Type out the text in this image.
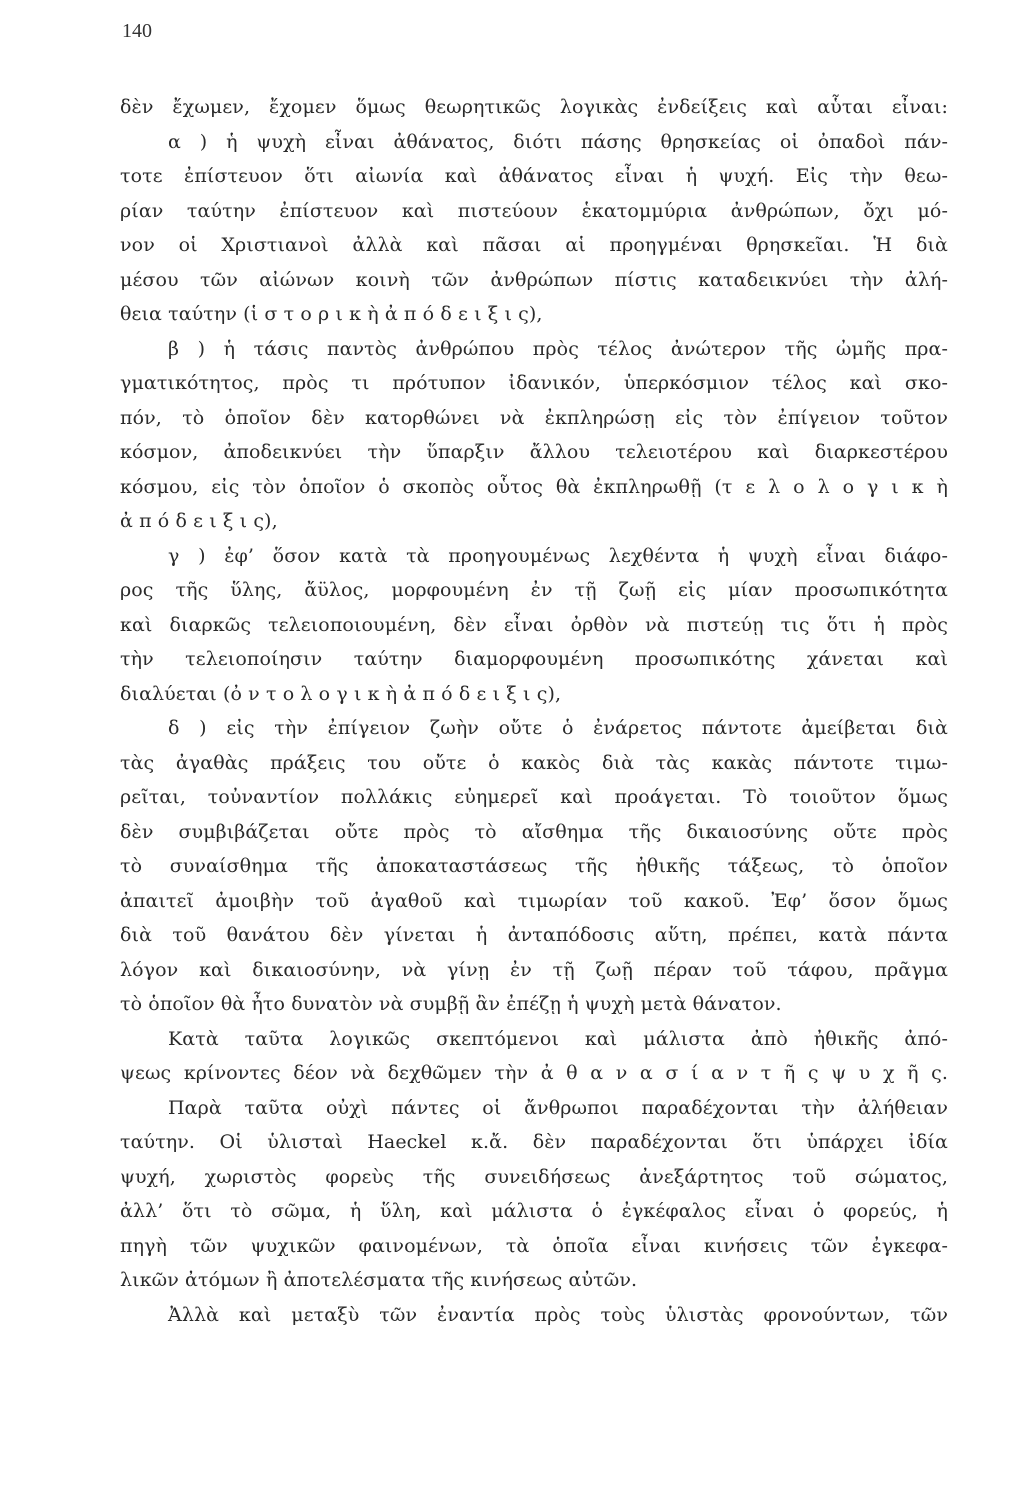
140
δὲν ἔχωμεν, ἔχομεν ὅμως θεωρητικῶς λογικὰς ἐνδείξεις καὶ αὗται εἶναι:
α ) ἡ ψυχὴ εἶναι ἀθάνατος, διότι πάσης θρησκείας οἱ ὀπαδοὶ πάν-
τοτε ἐπίστευον ὅτι αἰωνία καὶ ἀθάνατος εἶναι ἡ ψυχή. Εἰς τὴν θεω-
ρίαν ταύτην ἐπίστευον καὶ πιστεύουν ἑκατομμύρια ἀνθρώπων, ὄχι μό-
νον οἱ Χριστιανοὶ ἀλλὰ καὶ πᾶσαι αἱ προηγμέναι θρησκεῖαι. Ἡ διὰ
μέσου τῶν αἰώνων κοινὴ τῶν ἀνθρώπων πίστις καταδεικνύει τὴν ἀλή-
θεια ταύτην (ἱ σ τ ο ρ ι κ ὴ ἀ π ό δ ε ι ξ ι ς),
β ) ἡ τάσις παντὸς ἀνθρώπου πρὸς τέλος ἀνώτερον τῆς ὠμῆς πρα-
γματικότητος, πρὸς τι πρότυπον ἰδανικόν, ὑπερκόσμιον τέλος καὶ σκο-
πόν, τὸ ὁποῖον δὲν κατορθώνει νὰ ἐκπληρώσῃ εἰς τὸν ἐπίγειον τοῦτον
κόσμον, ἀποδεικνύει τὴν ὕπαρξιν ἄλλου τελειοτέρου καὶ διαρκεστέρου
κόσμου, εἰς τὸν ὁποῖον ὁ σκοπὸς οὗτος θὰ ἐκπληρωθῇ (τ ε λ ο λ ο γ ι κ ὴ
ἀ π ό δ ε ι ξ ι ς),
γ ) ἐφ’ ὅσον κατὰ τὰ προηγουμένως λεχθέντα ἡ ψυχὴ εἶναι διάφο-
ρος τῆς ὕλης, ἄϋλος, μορφουμένη ἐν τῇ ζωῇ εἰς μίαν προσωπικότητα
καὶ διαρκῶς τελειοποιουμένη, δὲν εἶναι ὀρθὸν νὰ πιστεύῃ τις ὅτι ἡ πρὸς
τὴν τελειοποίησιν ταύτην διαμορφουμένη προσωπικότης χάνεται καὶ
διαλύεται (ὀ ν τ ο λ ο γ ι κ ὴ ἀ π ό δ ε ι ξ ι ς),
δ ) εἰς τὴν ἐπίγειον ζωὴν οὔτε ὁ ἐνάρετος πάντοτε ἀμείβεται διὰ
τὰς ἀγαθὰς πράξεις του οὔτε ὁ κακὸς διὰ τὰς κακὰς πάντοτε τιμω-
ρεῖται, τοὐναντίον πολλάκις εὐημερεῖ καὶ προάγεται. Τὸ τοιοῦτον ὅμως
δὲν συμβιβάζεται οὔτε πρὸς τὸ αἴσθημα τῆς δικαιοσύνης οὔτε πρὸς
τὸ συναίσθημα τῆς ἀποκαταστάσεως τῆς ἠθικῆς τάξεως, τὸ ὁποῖον
ἀπαιτεῖ ἀμοιβὴν τοῦ ἀγαθοῦ καὶ τιμωρίαν τοῦ κακοῦ. Ἐφ’ ὅσον ὅμως
διὰ τοῦ θανάτου δὲν γίνεται ἡ ἀνταπόδοσις αὕτη, πρέπει, κατὰ πάντα
λόγον καὶ δικαιοσύνην, νὰ γίνῃ ἐν τῇ ζωῇ πέραν τοῦ τάφου, πρᾶγμα
τὸ ὁποῖον θὰ ἦτο δυνατὸν νὰ συμβῇ ἂν ἐπέζῃ ἡ ψυχὴ μετὰ θάνατον.
Κατὰ ταῦτα λογικῶς σκεπτόμενοι καὶ μάλιστα ἀπὸ ἠθικῆς ἀπό-
ψεως κρίνοντες δέον νὰ δεχθῶμεν τὴν ἀ θ α ν α σ ί α ν τ ῆ ς ψ υ χ ῆ ς.
Παρὰ ταῦτα οὐχὶ πάντες οἱ ἄνθρωποι παραδέχονται τὴν ἀλήθειαν
ταύτην. Οἱ ὑλισταὶ Haeckel κ.ἄ. δὲν παραδέχονται ὅτι ὑπάρχει ἰδία
ψυχή, χωριστὸς φορεὺς τῆς συνειδήσεως ἀνεξάρτητος τοῦ σώματος,
ἀλλ’ ὅτι τὸ σῶμα, ἡ ὕλη, καὶ μάλιστα ὁ ἐγκέφαλος εἶναι ὁ φορεύς, ἡ
πηγὴ τῶν ψυχικῶν φαινομένων, τὰ ὁποῖα εἶναι κινήσεις τῶν ἐγκεφα-
λικῶν ἀτόμων ἢ ἀποτελέσματα τῆς κινήσεως αὐτῶν.
Ἀλλὰ καὶ μεταξὺ τῶν ἐναντία πρὸς τοὺς ὑλιστὰς φρονούντων, τῶν
